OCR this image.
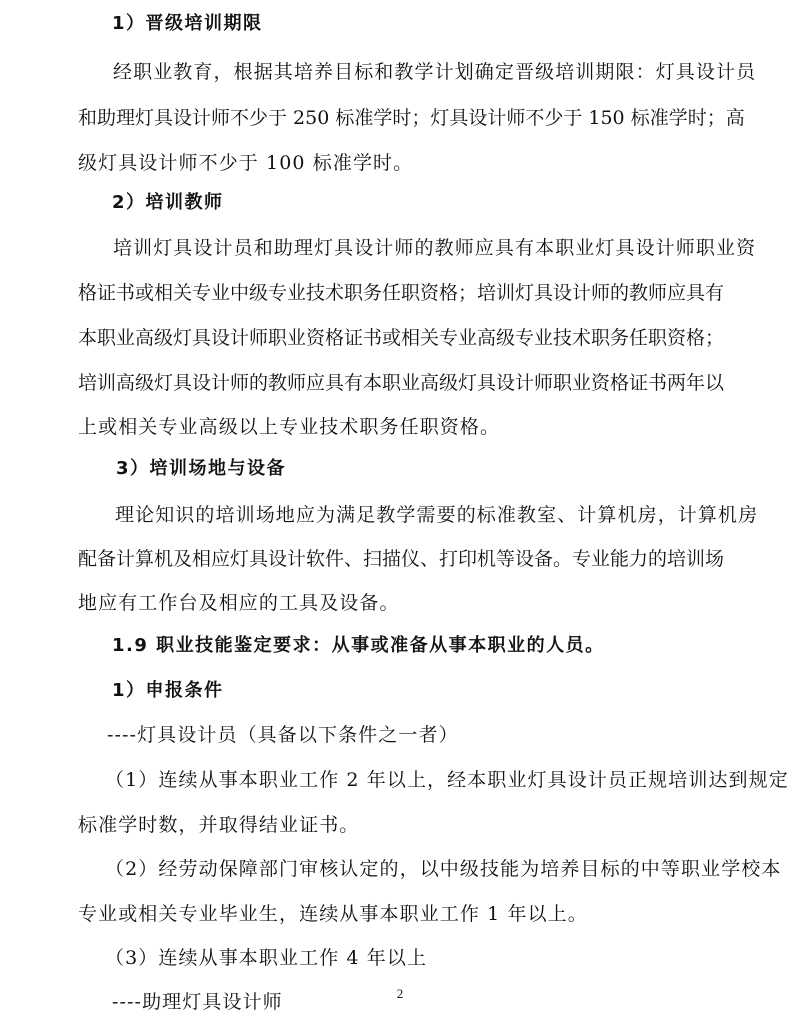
1）晋级培训期限
经职业教育，根据其培养目标和教学计划确定晋级培训期限：灯具设计员
和助理灯具设计师不少于 250 标准学时；灯具设计师不少于 150 标准学时；高
级灯具设计师不少于 100 标准学时。
2）培训教师
培训灯具设计员和助理灯具设计师的教师应具有本职业灯具设计师职业资
格证书或相关专业中级专业技术职务任职资格；培训灯具设计师的教师应具有
本职业高级灯具设计师职业资格证书或相关专业高级专业技术职务任职资格；
培训高级灯具设计师的教师应具有本职业高级灯具设计师职业资格证书两年以
上或相关专业高级以上专业技术职务任职资格。
3）培训场地与设备
理论知识的培训场地应为满足教学需要的标准教室、计算机房，计算机房
配备计算机及相应灯具设计软件、扫描仪、打印机等设备。专业能力的培训场
地应有工作台及相应的工具及设备。
1.9 职业技能鉴定要求：从事或准备从事本职业的人员。
1）申报条件
----灯具设计员（具备以下条件之一者）
（1）连续从事本职业工作 2 年以上，经本职业灯具设计员正规培训达到规定
标准学时数，并取得结业证书。
（2）经劳动保障部门审核认定的，以中级技能为培养目标的中等职业学校本
专业或相关专业毕业生，连续从事本职业工作 1 年以上。
（3）连续从事本职业工作 4 年以上
----助理灯具设计师	2
